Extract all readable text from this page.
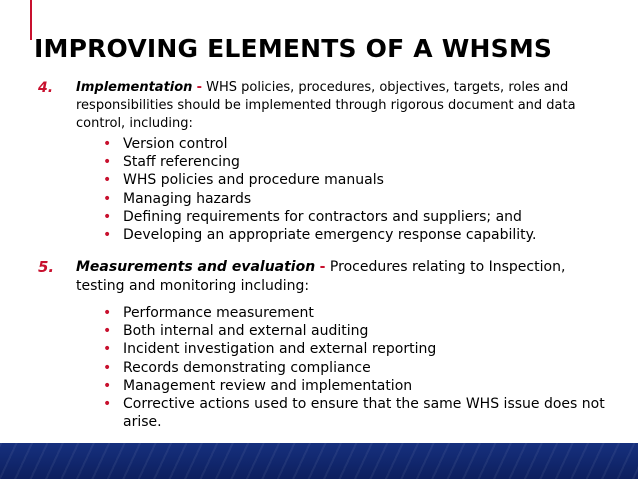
IMPROVING ELEMENTS OF A WHSMS
4. Implementation - WHS policies, procedures, objectives, targets, roles and responsibilities should be implemented through rigorous document and data control, including:
• Version control
• Staff referencing
• WHS policies and procedure manuals
• Managing hazards
• Defining requirements for contractors and suppliers; and
• Developing an appropriate emergency response capability.
5. Measurements and evaluation - Procedures relating to Inspection, testing and monitoring including:
• Performance measurement
• Both internal and external auditing
• Incident investigation and external reporting
• Records demonstrating compliance
• Management review and implementation
• Corrective actions used to ensure that the same WHS issue does not arise.
